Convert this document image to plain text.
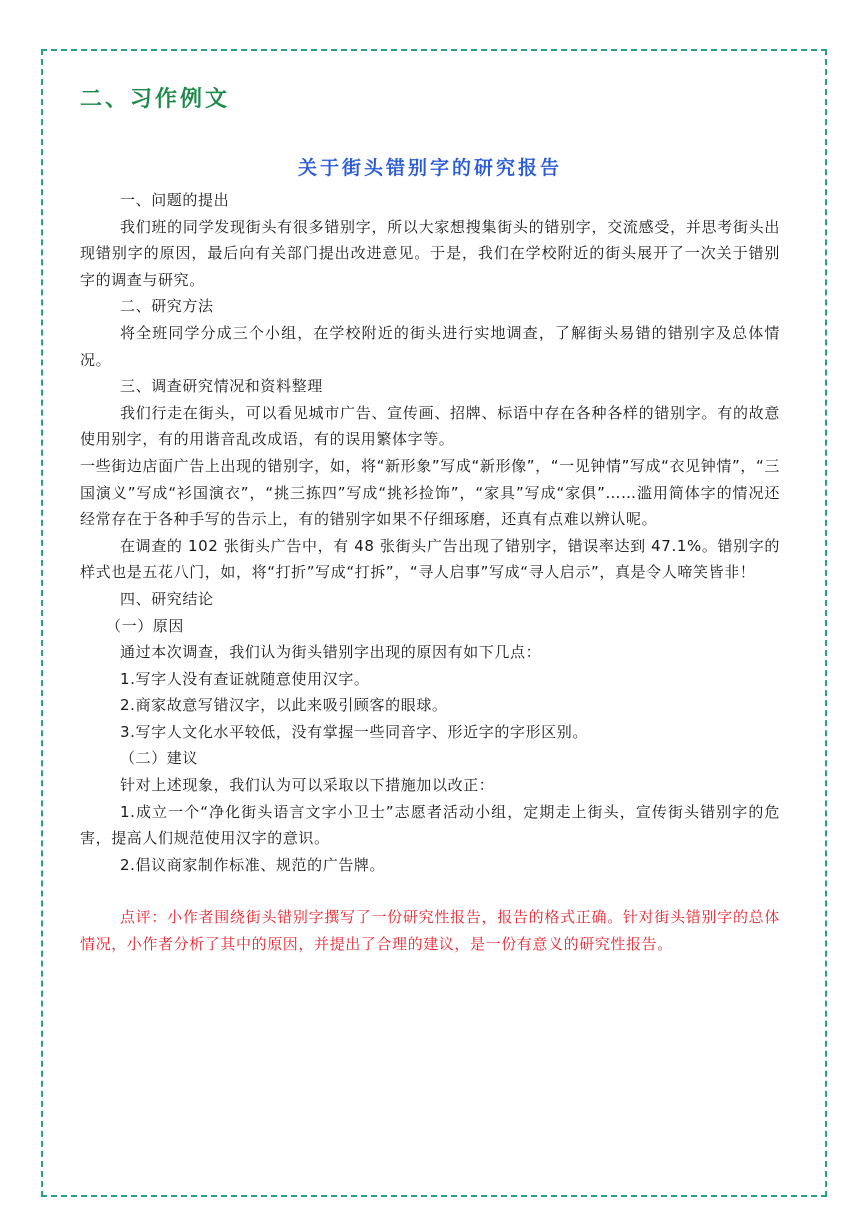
二、习作例文
关于街头错别字的研究报告

一、问题的提出

我们班的同学发现街头有很多错别字，所以大家想搜集街头的错别字，交流感受，并思考街头出现错别字的原因，最后向有关部门提出改进意见。于是，我们在学校附近的街头展开了一次关于错别字的调查与研究。

二、研究方法

将全班同学分成三个小组，在学校附近的街头进行实地调查，了解街头易错的错别字及总体情况。

三、调查研究情况和资料整理

我们行走在街头，可以看见城市广告、宣传画、招牌、标语中存在各种各样的错别字。有的故意使用别字，有的用谐音乱改成语，有的误用繁体字等。

一些街边店面广告上出现的错别字，如，将“新形象”写成“新形像”，“一见钟情”写成“衣见钟情”，“三国演义”写成“衫国演衣”，“挑三拣四”写成“挑衫捡饰”，“家具”写成“家俱”……滥用简体字的情况还经常存在于各种手写的告示上，有的错别字如果不仔细琢磨，还真有点难以辨认呢。

在调查的 102 张街头广告中，有 48 张街头广告出现了错别字，错误率达到 47.1%。错别字的样式也是五花八门，如，将“打折”写成“打拆”，“寻人启事”写成“寻人启示”，真是令人啼笑皆非！

四、研究结论

（一）原因

通过本次调查，我们认为街头错别字出现的原因有如下几点：

1.写字人没有查证就随意使用汉字。

2.商家故意写错汉字，以此来吸引顾客的眼球。

3.写字人文化水平较低，没有掌握一些同音字、形近字的字形区别。

（二）建议

针对上述现象，我们认为可以采取以下措施加以改正：

1.成立一个“净化街头语言文字小卫士”志愿者活动小组，定期走上街头，宣传街头错别字的危害，提高人们规范使用汉字的意识。

2.倡议商家制作标准、规范的广告牌。

点评：小作者围绕街头错别字撰写了一份研究性报告，报告的格式正确。针对街头错别字的总体情况，小作者分析了其中的原因，并提出了合理的建议，是一份有意义的研究性报告。
